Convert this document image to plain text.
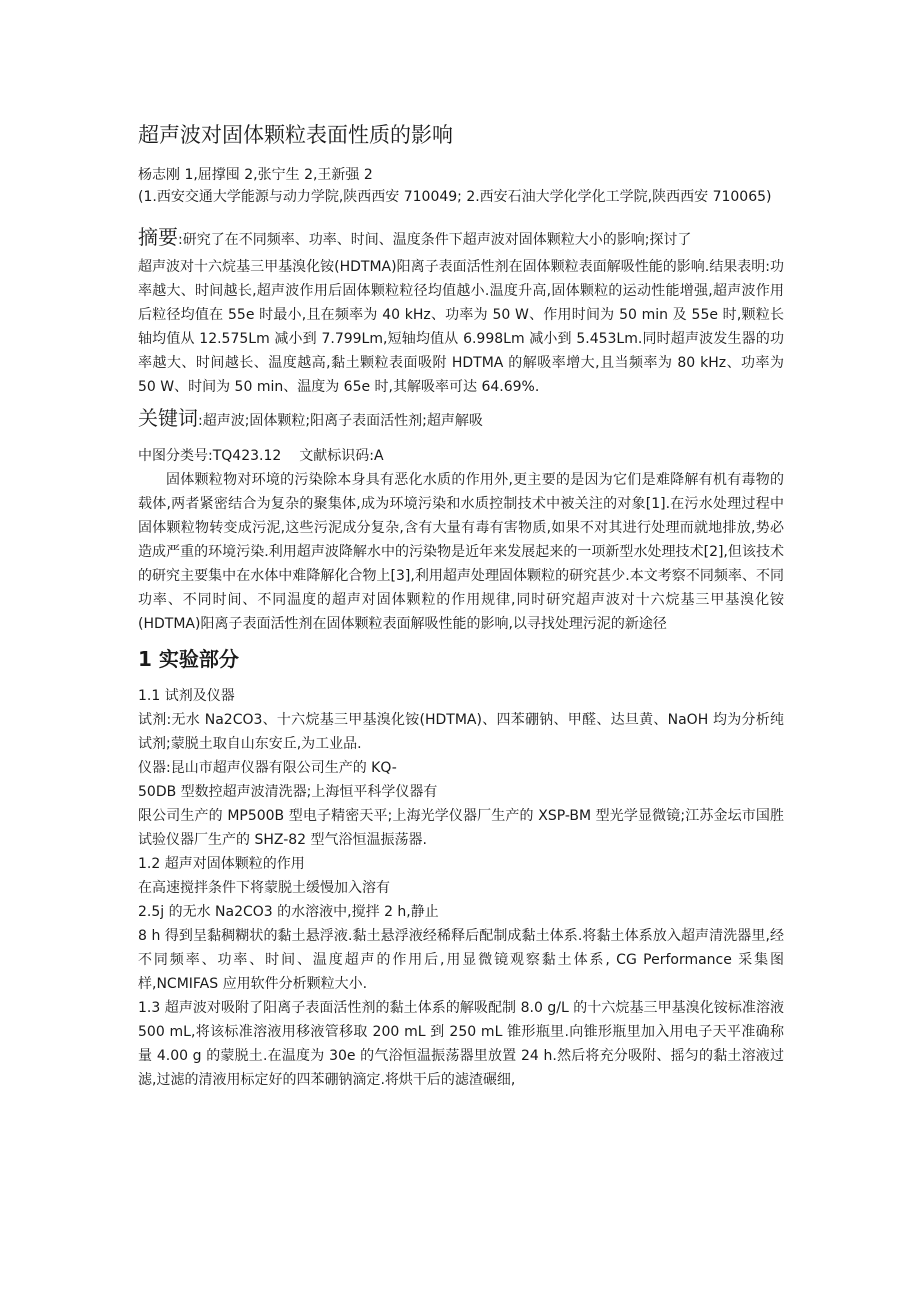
超声波对固体颗粒表面性质的影响

杨志刚 1,屈撑囤 2,张宁生 2,王新强 2

(1.西安交通大学能源与动力学院,陕西西安 710049; 2.西安石油大学化学化工学院,陕西西安 710065)

摘要:研究了在不同频率、功率、时间、温度条件下超声波对固体颗粒大小的影响;探讨了

超声波对十六烷基三甲基溴化铵(HDTMA)阳离子表面活性剂在固体颗粒表面解吸性能的影响.结果表明:功率越大、时间越长,超声波作用后固体颗粒粒径均值越小.温度升高,固体颗粒的运动性能增强,超声波作用后粒径均值在 55e 时最小,且在频率为 40 kHz、功率为 50 W、作用时间为 50 min 及 55e 时,颗粒长轴均值从 12.575Lm 减小到 7.799Lm,短轴均值从 6.998Lm 减小到 5.453Lm.同时超声波发生器的功率越大、时间越长、温度越高,黏土颗粒表面吸附 HDTMA 的解吸率增大,且当频率为 80 kHz、功率为 50 W、时间为 50 min、温度为 65e 时,其解吸率可达 64.69%.

关键词:超声波;固体颗粒;阳离子表面活性剂;超声解吸

中图分类号:TQ423.12 文献标识码:A

固体颗粒物对环境的污染除本身具有恶化水质的作用外,更主要的是因为它们是难降解有机有毒物的载体,两者紧密结合为复杂的聚集体,成为环境污染和水质控制技术中被关注的对象[1].在污水处理过程中固体颗粒物转变成污泥,这些污泥成分复杂,含有大量有毒有害物质,如果不对其进行处理而就地排放,势必造成严重的环境污染.利用超声波降解水中的污染物是近年来发展起来的一项新型水处理技术[2],但该技术的研究主要集中在水体中难降解化合物上[3],利用超声处理固体颗粒的研究甚少.本文考察不同频率、不同功率、不同时间、不同温度的超声对固体颗粒的作用规律,同时研究超声波对十六烷基三甲基溴化铵(HDTMA)阳离子表面活性剂在固体颗粒表面解吸性能的影响,以寻找处理污泥的新途径

1 实验部分

1.1 试剂及仪器

试剂:无水 Na2CO3、十六烷基三甲基溴化铵(HDTMA)、四苯硼钠、甲醛、达旦黄、NaOH 均为分析纯试剂;蒙脱土取自山东安丘,为工业品.

仪器:昆山市超声仪器有限公司生产的 KQ-

50DB 型数控超声波清洗器;上海恒平科学仪器有

限公司生产的 MP500B 型电子精密天平;上海光学仪器厂生产的 XSP-BM 型光学显微镜;江苏金坛市国胜试验仪器厂生产的 SHZ-82 型气浴恒温振荡器.

1.2 超声对固体颗粒的作用

在高速搅拌条件下将蒙脱土缓慢加入溶有

2.5j 的无水 Na2CO3 的水溶液中,搅拌 2 h,静止

8 h 得到呈黏稠糊状的黏土悬浮液.黏土悬浮液经稀释后配制成黏土体系.将黏土体系放入超声清洗器里,经不同频率、功率、时间、温度超声的作用后,用显微镜观察黏土体系, CG Performance 采集图样,NCMIFAS 应用软件分析颗粒大小.

1.3 超声波对吸附了阳离子表面活性剂的黏土体系的解吸配制 8.0 g/L 的十六烷基三甲基溴化铵标准溶液 500 mL,将该标准溶液用移液管移取 200 mL 到 250 mL 锥形瓶里.向锥形瓶里加入用电子天平准确称量 4.00 g 的蒙脱土.在温度为 30e 的气浴恒温振荡器里放置 24 h.然后将充分吸附、摇匀的黏土溶液过滤,过滤的清液用标定好的四苯硼钠滴定.将烘干后的滤渣碾细,
